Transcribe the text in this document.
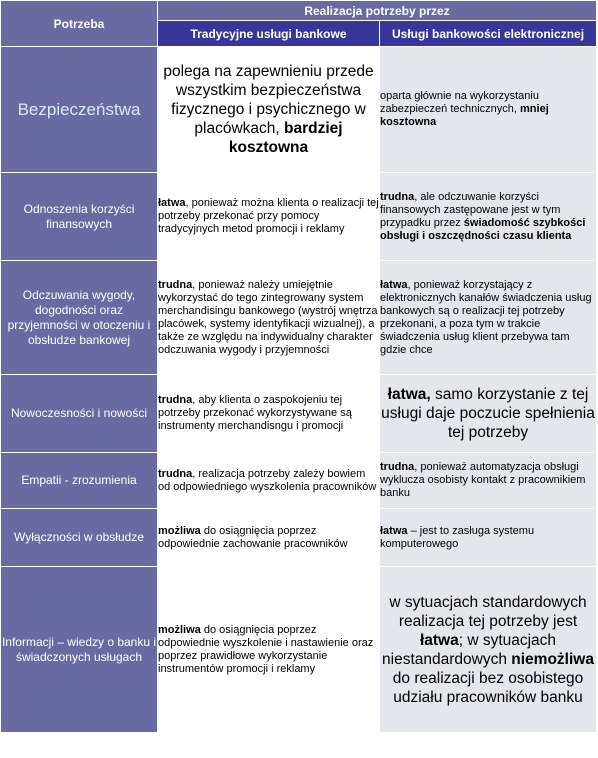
Potrzeba	Realizacja potrzeby przez	
	Tradycyjne usługi bankowe	Usługi bankowości elektronicznej
Bezpieczeństwa	polega na zapewnieniu przede wszystkim bezpieczeństwa fizycznego i psychicznego w placówkach, bardziej kosztowna	oparta głównie na wykorzystaniu zabezpieczeń technicznych, mniej kosztowna
Odnoszenia korzyści finansowych	łatwa, ponieważ można klienta o realizacji tej potrzeby przekonać przy pomocy tradycyjnych metod promocji i reklamy	trudna, ale odczuwanie korzyści finansowych zastępowane jest w tym przypadku przez świadomość szybkości obsługi i oszczędności czasu klienta
Odczuwania wygody, dogodności oraz przyjemności w otoczeniu i obsłudze bankowej	trudna, ponieważ należy umiejętnie wykorzystać do tego zintegrowany system merchandisingu bankowego (wystrój wnętrza placówek, systemy identyfikacji wizualnej), a także ze względu na indywidualny charakter odczuwania wygody i przyjemności	łatwa, ponieważ korzystający z elektronicznych kanałów świadczenia usług bankowych są o realizacji tej potrzeby przekonani, a poza tym w trakcie świadczenia usług klient przebywa tam gdzie chce
Nowoczesności i nowości	trudna, aby klienta o zaspokojeniu tej potrzeby przekonać wykorzystywane są instrumenty merchandisngu i promocji	łatwa, samo korzystanie z tej usługi daje poczucie spełnienia tej potrzeby
Empatii - zrozumienia	trudna, realizacja potrzeby zależy bowiem od odpowiedniego wyszkolenia pracowników	trudna, ponieważ automatyzacja obsługi wyklucza osobisty kontakt z pracownikiem banku
Wyłączności w obsłudze	możliwa do osiągnięcia poprzez odpowiednie zachowanie pracowników	łatwa – jest to zasługa systemu komputerowego
Informacji – wiedzy o banku i świadczonych usługach	możliwa do osiągnięcia poprzez odpowiednie wyszkolenie i nastawienie oraz poprzez prawidłowe wykorzystanie instrumentów promocji i reklamy	w sytuacjach standardowych realizacja tej potrzeby jest łatwa; w sytuacjach niestandardowych niemożliwa do realizacji bez osobistego udziału pracowników banku
